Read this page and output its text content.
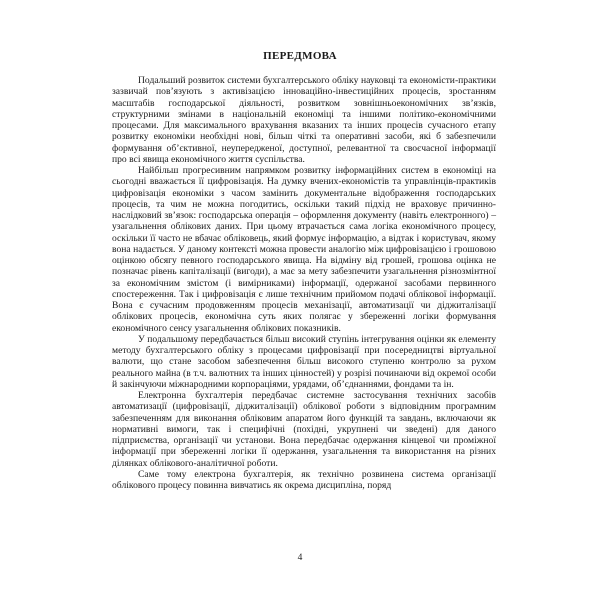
ПЕРЕДМОВА

Подальший розвиток системи бухгалтерського обліку науковці та економісти-практики зазвичай пов’язують з активізацією інноваційно-інвестиційних процесів, зростанням масштабів господарської діяльності, розвитком зовнішньоекономічних зв’язків, структурними змінами в національній економіці та іншими політико-економічними процесами. Для максимального врахування вказаних та інших процесів сучасного етапу розвитку економіки необхідні нові, більш чіткі та оперативні засоби, які б забезпечили формування об’єктивної, неупередженої, доступної, релевантної та своєчасної інформації про всі явища економічного життя суспільства.

Найбільш прогресивним напрямком розвитку інформаційних систем в економіці на сьогодні вважається її цифровізація. На думку вчених-економістів та управлінців-практиків цифровізація економіки з часом замінить документальне відображення господарських процесів, та чим не можна погодитись, оскільки такий підхід не враховує причинно-наслідковий зв’язок: господарська операція – оформлення документу (навіть електронного) – узагальнення облікових даних. При цьому втрачається сама логіка економічного процесу, оскільки її часто не вбачає обліковець, який формує інформацію, а відтак і користувач, якому вона надається. У даному контексті можна провести аналогію між цифровізацією і грошовою оцінкою обсягу певного господарського явища. На відміну від грошей, грошова оцінка не позначає рівень капіталізації (вигоди), а має за мету забезпечити узагальнення різнозмінтної за економічним змістом (і вимірниками) інформації, одержаної засобами первинного спостереження. Так і цифровізація є лише технічним прийомом подачі облікової інформації. Вона є сучасним продовженням процесів механізації, автоматизації чи діджиталізації облікових процесів, економічна суть яких полягає у збереженні логіки формування економічного сенсу узагальнення облікових показників.

У подальшому передбачається більш високий ступінь інтегрування оцінки як елементу методу бухгалтерського обліку з процесами цифровізації при посередництві віртуальної валюти, що стане засобом забезпечення більш високого ступеню контролю за рухом реального майна (в т.ч. валютних та інших цінностей) у розрізі починаючи від окремої особи й закінчуючи міжнародними корпораціями, урядами, об’єднаннями, фондами та ін.

Електронна бухгалтерія передбачає системне застосування технічних засобів автоматизації (цифровізації, діджиталізації) облікової роботи з відповідним програмним забезпеченням для виконання обліковим апаратом його функцій та завдань, включаючи як нормативні вимоги, так і специфічні (похідні, укрупнені чи зведені) для даного підприємства, організації чи установи. Вона передбачає одержання кінцевої чи проміжної інформації при збереженні логіки її одержання, узагальнення та використання на різних ділянках облікового-аналітичної роботи.

Саме тому електрона бухгалтерія, як технічно розвинена система організації облікового процесу повинна вивчатись як окрема дисципліна, поряд

4
